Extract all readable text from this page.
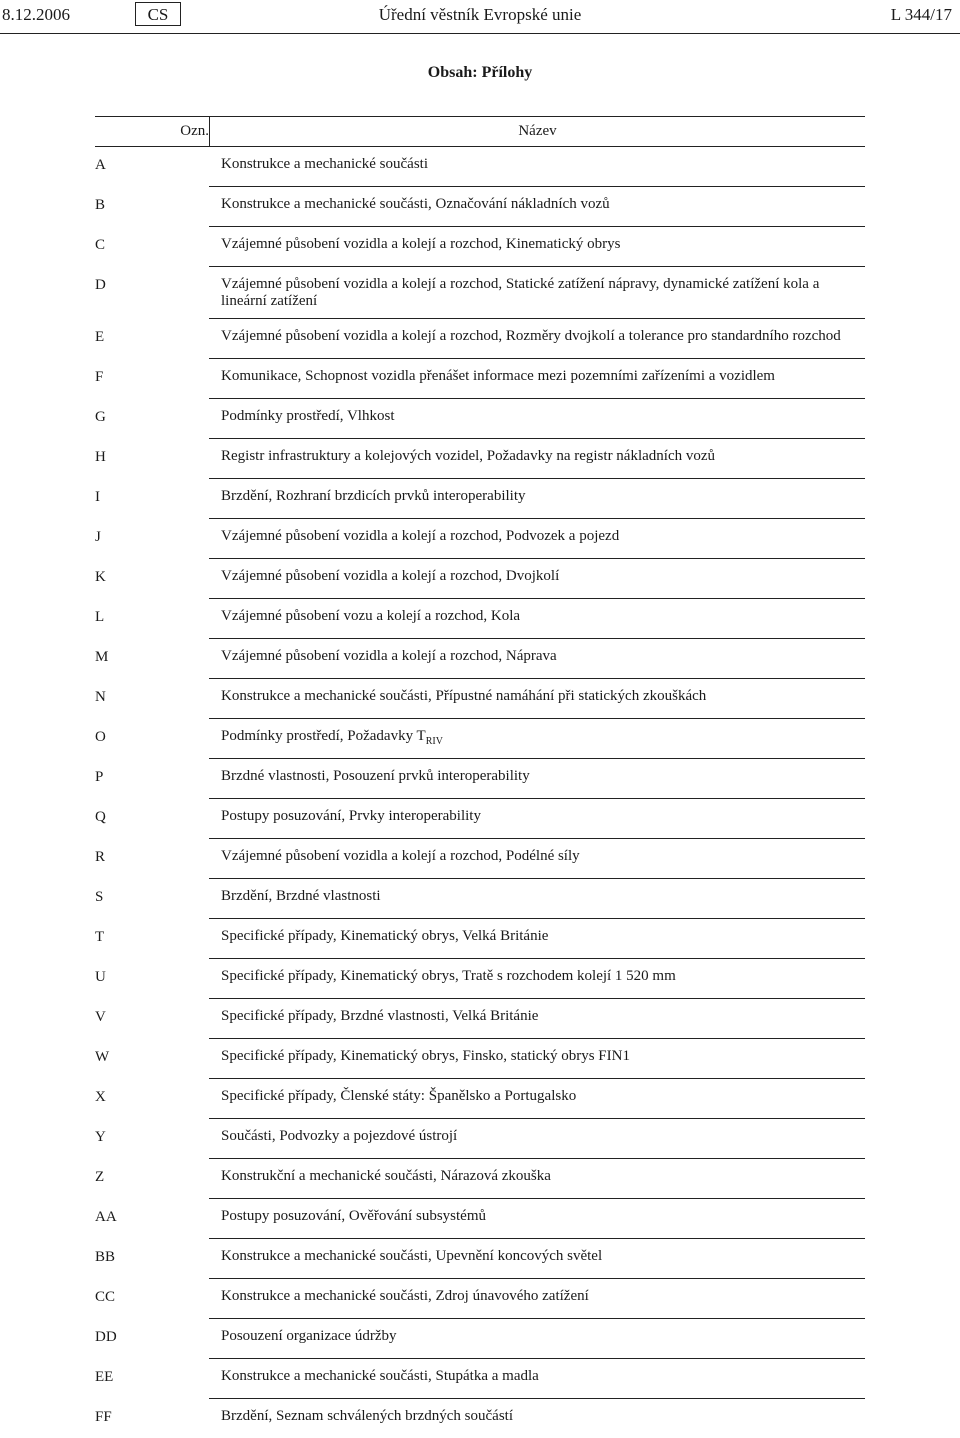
8.12.2006	Úřední věstník Evropské unie
CS	L 344/17
Obsah: Přílohy
Ozn.	Název
A	Konstrukce a mechanické součásti
B	Konstrukce a mechanické součásti, Označování nákladních vozů
C	Vzájemné působení vozidla a kolejí a rozchod, Kinematický obrys
D	Vzájemné působení vozidla a kolejí a rozchod, Statické zatížení nápravy, dynamické zatížení kola a lineární zatížení
E	Vzájemné působení vozidla a kolejí a rozchod, Rozměry dvojkolí a tolerance pro standardního rozchod
F	Komunikace, Schopnost vozidla přenášet informace mezi pozemními zařízeními a vozidlem
G	Podmínky prostředí, Vlhkost
H	Registr infrastruktury a kolejových vozidel, Požadavky na registr nákladních vozů
I	Brzdění, Rozhraní brzdicích prvků interoperability
J	Vzájemné působení vozidla a kolejí a rozchod, Podvozek a pojezd
K	Vzájemné působení vozidla a kolejí a rozchod, Dvojkolí
L	Vzájemné působení vozu a kolejí a rozchod, Kola
M	Vzájemné působení vozidla a kolejí a rozchod, Náprava
N	Konstrukce a mechanické součásti, Přípustné namáhání při statických zkouškách
O	Podmínky prostředí, Požadavky $T_{RIV}$
P	Brzdné vlastnosti, Posouzení prvků interoperability
Q	Postupy posuzování, Prvky interoperability
R	Vzájemné působení vozidla a kolejí a rozchod, Podélné síly
S	Brzdění, Brzdné vlastnosti
T	Specifické případy, Kinematický obrys, Velká Británie
U	Specifické případy, Kinematický obrys, Tratě s rozchodem kolejí 1 520 mm
V	Specifické případy, Brzdné vlastnosti, Velká Británie
W	Specifické případy, Kinematický obrys, Finsko, statický obrys FIN1
X	Specifické případy, Členské státy: Španělsko a Portugalsko
Y	Součásti, Podvozky a pojezdové ústrojí
Z	Konstrukční a mechanické součásti, Nárazová zkouška
AA	Postupy posuzování, Ověřování subsystémů
BB	Konstrukce a mechanické součásti, Upevnění koncových světel
CC	Konstrukce a mechanické součásti, Zdroj únavového zatížení
DD	Posouzení organizace údržby
EE	Konstrukce a mechanické součásti, Stupátka a madla
FF	Brzdění, Seznam schválených brzdných součástí
